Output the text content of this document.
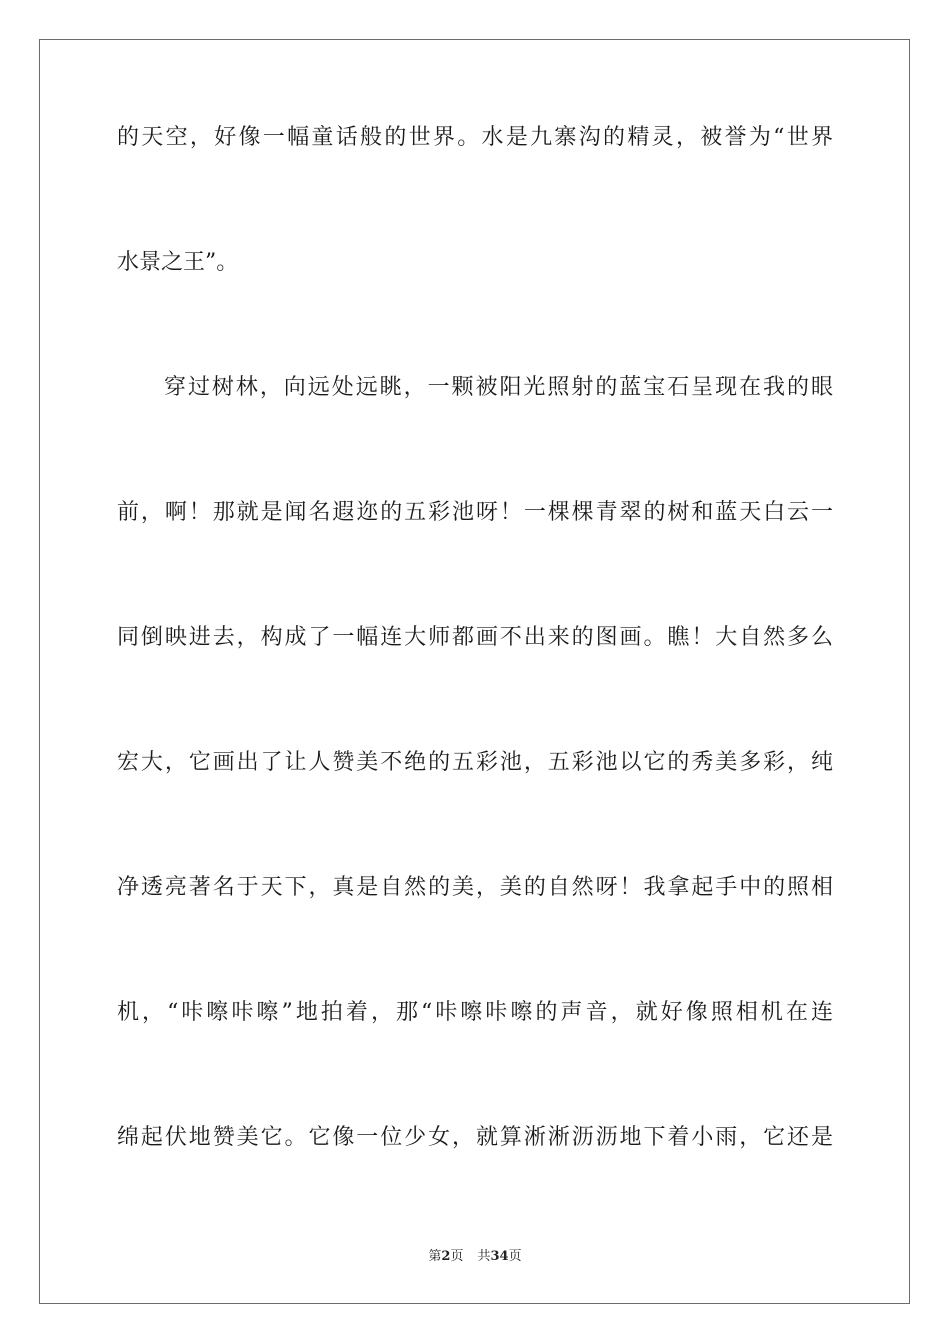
的天空，好像一幅童话般的世界。水是九寨沟的精灵，被誉为“世界
水景之王”。
穿过树林，向远处远眺，一颗被阳光照射的蓝宝石呈现在我的眼
前，啊！那就是闻名遐迩的五彩池呀！一棵棵青翠的树和蓝天白云一
同倒映进去，构成了一幅连大师都画不出来的图画。瞧！大自然多么
宏大，它画出了让人赞美不绝的五彩池，五彩池以它的秀美多彩，纯
净透亮著名于天下，真是自然的美，美的自然呀！我拿起手中的照相
机，“咔嚓咔嚓”地拍着，那“咔嚓咔嚓的声音，就好像照相机在连
绵起伏地赞美它。它像一位少女，就算淅淅沥沥地下着小雨，它还是
第2页 共34页
